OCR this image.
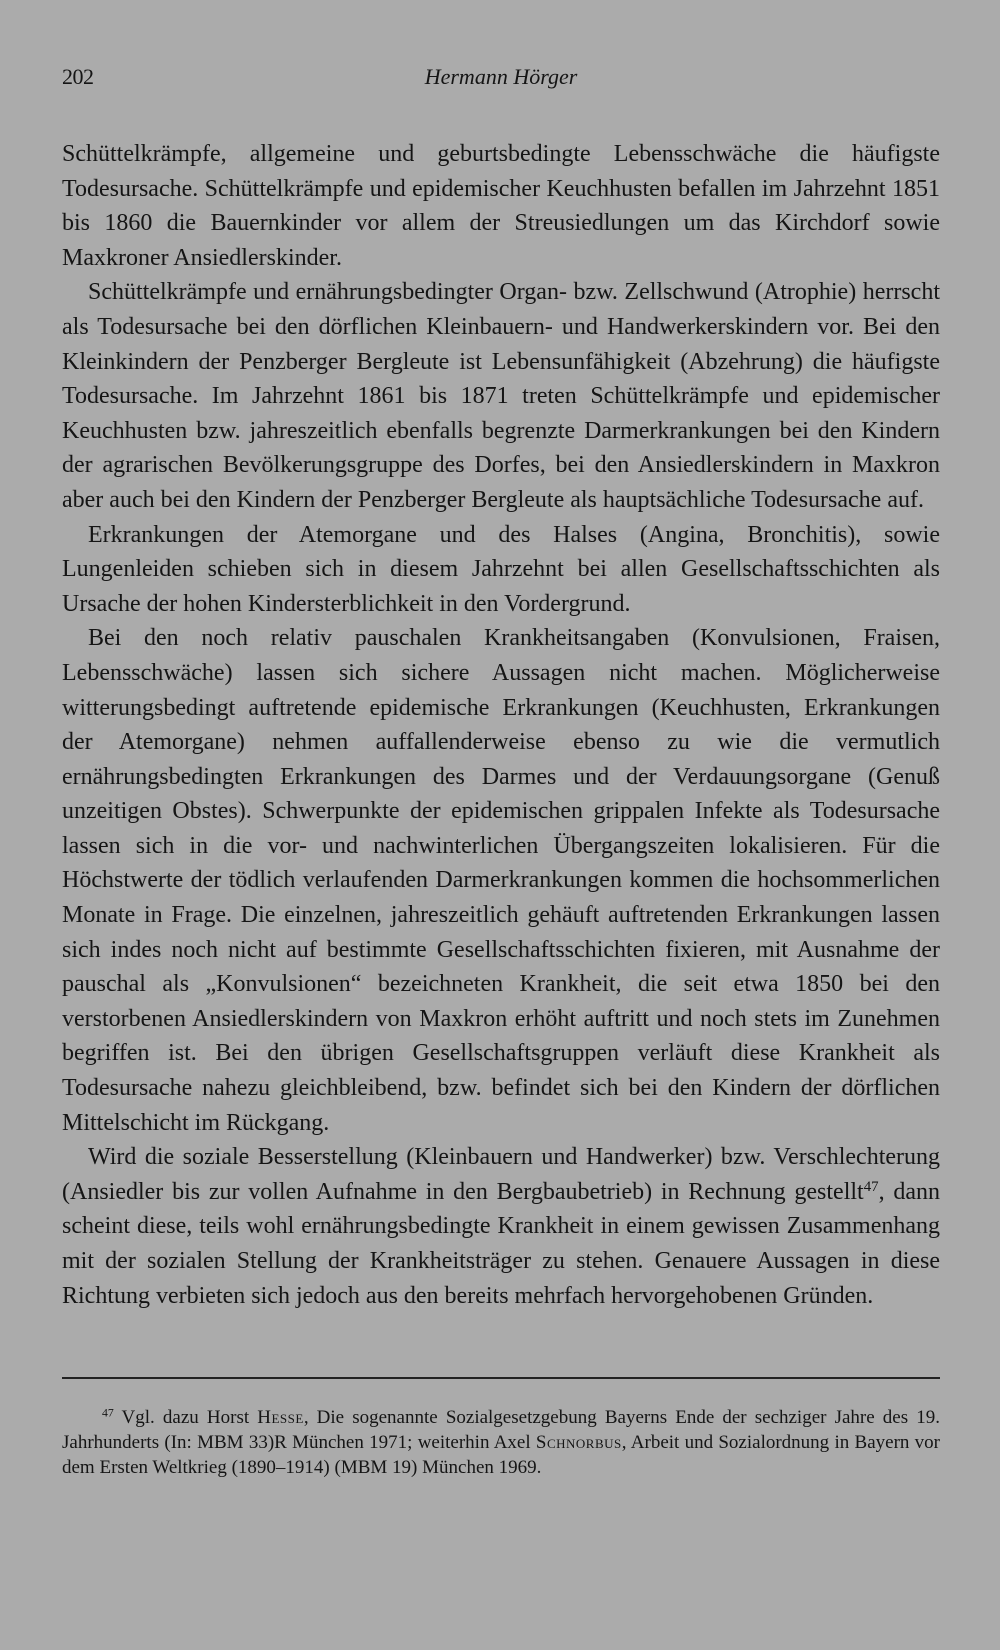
202	Hermann Hörger

Schüttelkrämpfe, allgemeine und geburtsbedingte Lebensschwäche die häufigste Todesursache. Schüttelkrämpfe und epidemischer Keuchhusten befallen im Jahrzehnt 1851 bis 1860 die Bauernkinder vor allem der Streusiedlungen um das Kirchdorf sowie Maxkroner Ansiedlerskinder.

Schüttelkrämpfe und ernährungsbedingter Organ- bzw. Zellschwund (Atrophie) herrscht als Todesursache bei den dörflichen Kleinbauern- und Handwerkerskindern vor. Bei den Kleinkindern der Penzberger Bergleute ist Lebensunfähigkeit (Abzehrung) die häufigste Todesursache. Im Jahrzehnt 1861 bis 1871 treten Schüttelkrämpfe und epidemischer Keuchhusten bzw. jahreszeitlich ebenfalls begrenzte Darmerkrankungen bei den Kindern der agrarischen Bevölkerungsgruppe des Dorfes, bei den Ansiedlerskindern in Maxkron aber auch bei den Kindern der Penzberger Bergleute als hauptsächliche Todesursache auf.

Erkrankungen der Atemorgane und des Halses (Angina, Bronchitis), sowie Lungenleiden schieben sich in diesem Jahrzehnt bei allen Gesellschaftsschichten als Ursache der hohen Kindersterblichkeit in den Vordergrund.

Bei den noch relativ pauschalen Krankheitsangaben (Konvulsionen, Fraisen, Lebensschwäche) lassen sich sichere Aussagen nicht machen. Möglicherweise witterungsbedingt auftretende epidemische Erkrankungen (Keuchhusten, Erkrankungen der Atemorgane) nehmen auffallenderweise ebenso zu wie die vermutlich ernährungsbedingten Erkrankungen des Darmes und der Verdauungsorgane (Genuß unzeitigen Obstes). Schwerpunkte der epidemischen grippalen Infekte als Todesursache lassen sich in die vor- und nachwinterlichen Übergangszeiten lokalisieren. Für die Höchstwerte der tödlich verlaufenden Darmerkrankungen kommen die hochsommerlichen Monate in Frage. Die einzelnen, jahreszeitlich gehäuft auftretenden Erkrankungen lassen sich indes noch nicht auf bestimmte Gesellschaftsschichten fixieren, mit Ausnahme der pauschal als „Konvulsionen“ bezeichneten Krankheit, die seit etwa 1850 bei den verstorbenen Ansiedlerskindern von Maxkron erhöht auftritt und noch stets im Zunehmen begriffen ist. Bei den übrigen Gesellschaftsgruppen verläuft diese Krankheit als Todesursache nahezu gleichbleibend, bzw. befindet sich bei den Kindern der dörflichen Mittelschicht im Rückgang.

Wird die soziale Besserstellung (Kleinbauern und Handwerker) bzw. Verschlechterung (Ansiedler bis zur vollen Aufnahme in den Bergbaubetrieb) in Rechnung gestellt$^{47}$, dann scheint diese, teils wohl ernährungsbedingte Krankheit in einem gewissen Zusammenhang mit der sozialen Stellung der Krankheitsträger zu stehen. Genauere Aussagen in diese Richtung verbieten sich jedoch aus den bereits mehrfach hervorgehobenen Gründen.

$^{47}$ Vgl. dazu Horst Hesse, Die sogenannte Sozialgesetzgebung Bayerns Ende der sechziger Jahre des 19. Jahrhunderts (In: MBM 33)R München 1971; weiterhin Axel Schnorbus, Arbeit und Sozialordnung in Bayern vor dem Ersten Weltkrieg (1890–1914) (MBM 19) München 1969.
